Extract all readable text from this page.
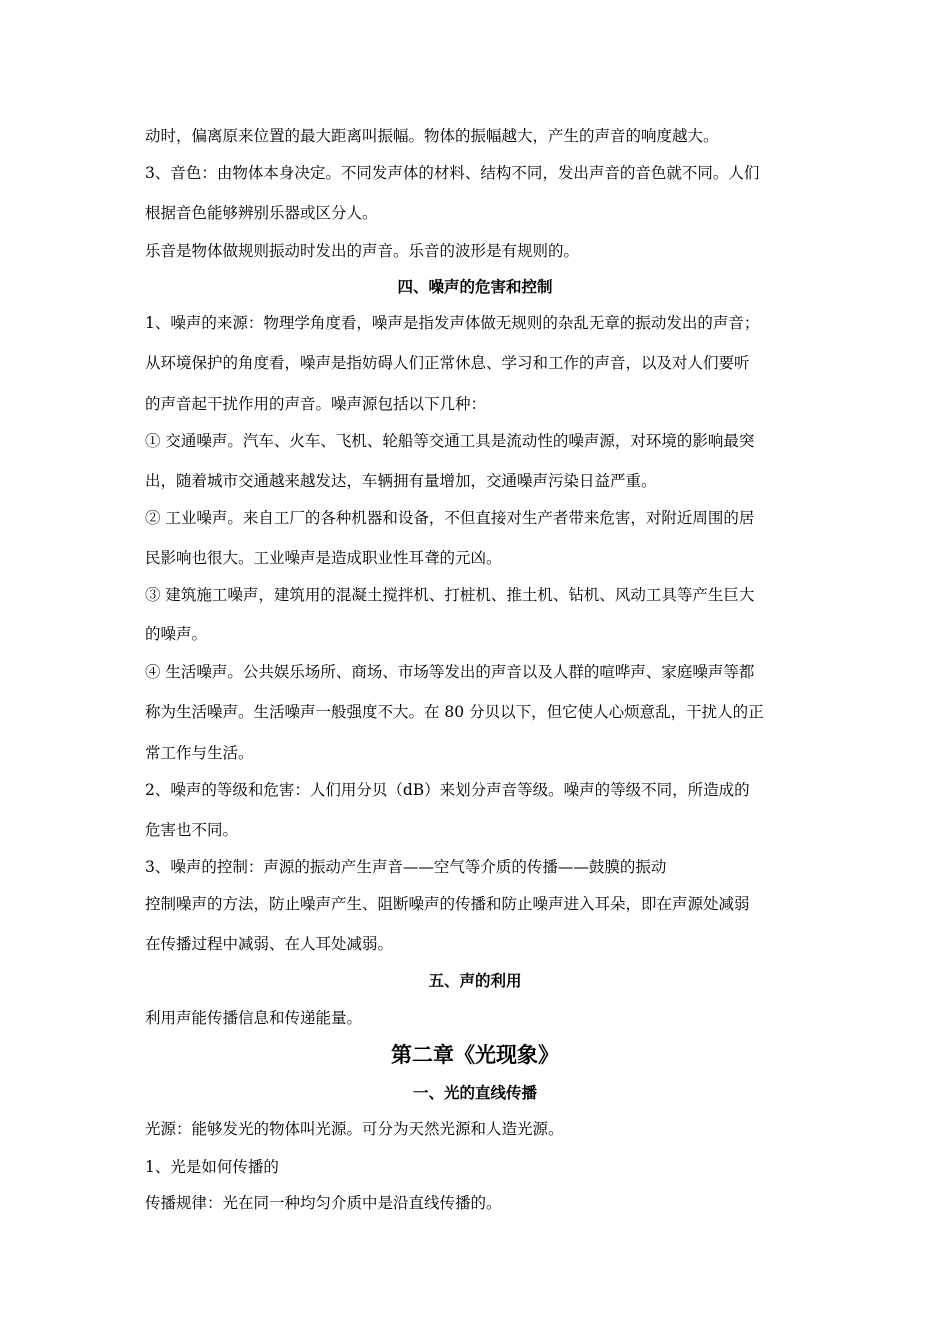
动时，偏离原来位置的最大距离叫振幅。物体的振幅越大，产生的声音的响度越大。
3、音色：由物体本身决定。不同发声体的材料、结构不同，发出声音的音色就不同。人们
根据音色能够辨别乐器或区分人。
乐音是物体做规则振动时发出的声音。乐音的波形是有规则的。
四、噪声的危害和控制
1、噪声的来源：物理学角度看，噪声是指发声体做无规则的杂乱无章的振动发出的声音；
从环境保护的角度看，噪声是指妨碍人们正常休息、学习和工作的声音，以及对人们要听
的声音起干扰作用的声音。噪声源包括以下几种：
① 交通噪声。汽车、火车、飞机、轮船等交通工具是流动性的噪声源，对环境的影响最突
出，随着城市交通越来越发达，车辆拥有量增加，交通噪声污染日益严重。
② 工业噪声。来自工厂的各种机器和设备，不但直接对生产者带来危害，对附近周围的居
民影响也很大。工业噪声是造成职业性耳聋的元凶。
③ 建筑施工噪声，建筑用的混凝土搅拌机、打桩机、推土机、钻机、风动工具等产生巨大
的噪声。
④ 生活噪声。公共娱乐场所、商场、市场等发出的声音以及人群的喧哗声、家庭噪声等都
称为生活噪声。生活噪声一般强度不大。在 80 分贝以下，但它使人心烦意乱，干扰人的正
常工作与生活。
2、噪声的等级和危害：人们用分贝（dB）来划分声音等级。噪声的等级不同，所造成的
危害也不同。
3、噪声的控制：声源的振动产生声音——空气等介质的传播——鼓膜的振动
控制噪声的方法，防止噪声产生、阻断噪声的传播和防止噪声进入耳朵，即在声源处减弱
在传播过程中减弱、在人耳处减弱。
五、声的利用
利用声能传播信息和传递能量。
第二章《光现象》
一、光的直线传播
光源：能够发光的物体叫光源。可分为天然光源和人造光源。
1、光是如何传播的
传播规律：光在同一种均匀介质中是沿直线传播的。
